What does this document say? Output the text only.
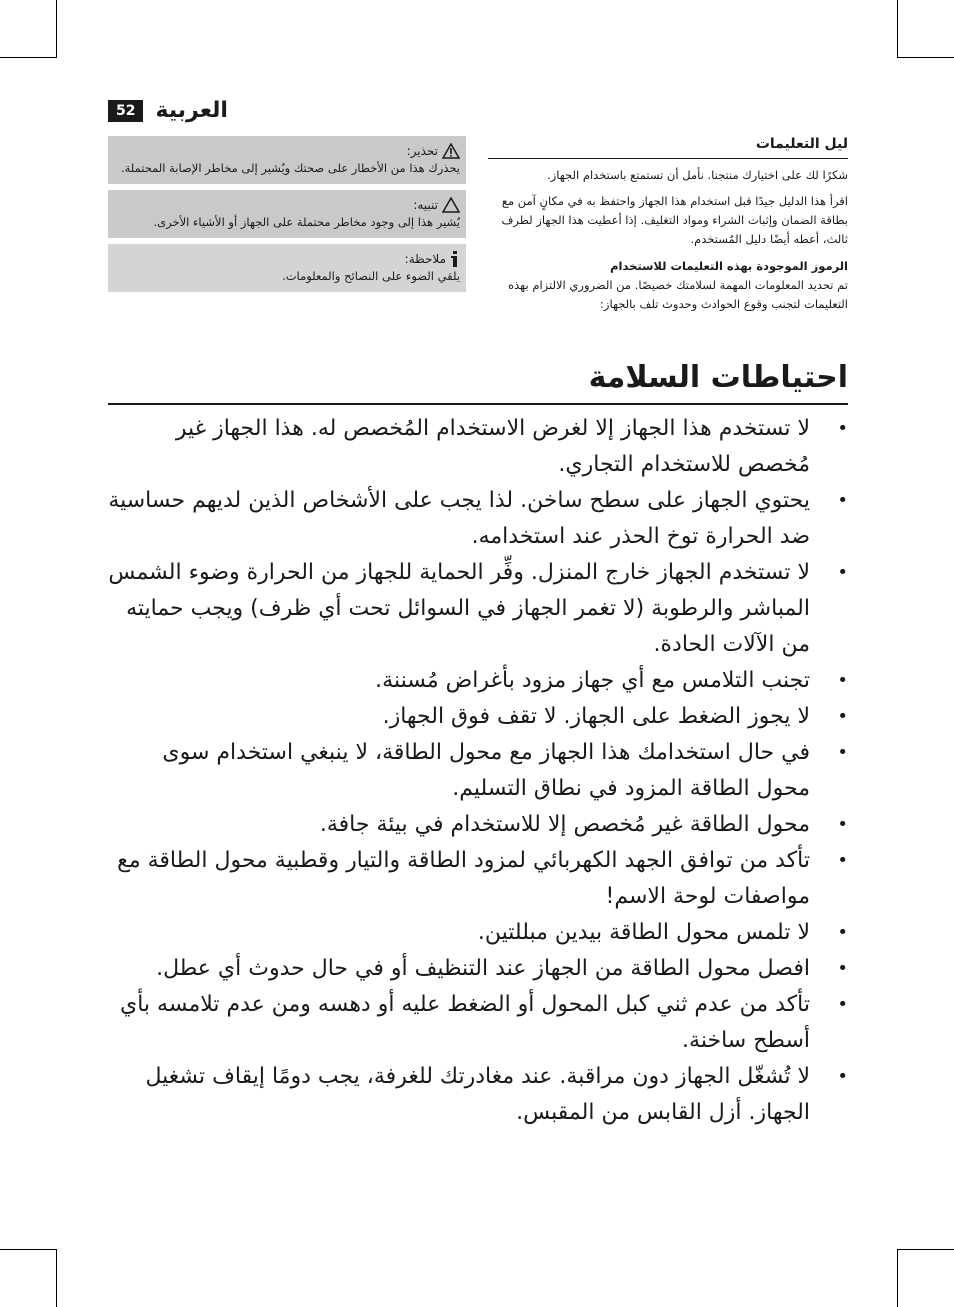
52 العربية
تحذير:
يحذرك هذا من الأخطار على صحتك ويُشير إلى مخاطر الإصابة المحتملة.
تنبيه:
يُشير هذا إلى وجود مخاطر محتملة على الجهاز أو الأشياء الأخرى.
ملاحظة:
يلقي الضوء على النصائح والمعلومات.
ليل التعليمات

شكرًا لك على اختيارك منتجنا. نأمل أن تستمتع باستخدام الجهاز.

اقرأ هذا الدليل جيدًا قبل استخدام هذا الجهاز واحتفظ به في مكانٍ آمن مع بطاقة الضمان وإثبات الشراء ومواد التغليف. إذا أعطيت هذا الجهاز لطرف ثالث، أعطه أيضًا دليل المُستخدم.

الرموز الموجودة بهذه التعليمات للاستخدام

تم تحديد المعلومات المهمة لسلامتك خصيصًا. من الضروري الالتزام بهذه التعليمات لتجنب وقوع الحوادث وحدوث تلف بالجهاز:

احتياطات السلامة
•
لا تستخدم هذا الجهاز إلا لغرض الاستخدام المُخصص له. هذا الجهاز غير مُخصص للاستخدام التجاري.
•
يحتوي الجهاز على سطح ساخن. لذا يجب على الأشخاص الذين لديهم حساسية ضد الحرارة توخ الحذر عند استخدامه.
•
لا تستخدم الجهاز خارج المنزل. وفِّر الحماية للجهاز من الحرارة وضوء الشمس المباشر والرطوبة (لا تغمر الجهاز في السوائل تحت أي ظرف) ويجب حمايته من الآلات الحادة.
•
تجنب التلامس مع أي جهاز مزود بأغراض مُسننة.
•
لا يجوز الضغط على الجهاز. لا تقف فوق الجهاز.
•
في حال استخدامك هذا الجهاز مع محول الطاقة، لا ينبغي استخدام سوى محول الطاقة المزود في نطاق التسليم.
•
محول الطاقة غير مُخصص إلا للاستخدام في بيئة جافة.
•
تأكد من توافق الجهد الكهربائي لمزود الطاقة والتيار وقطبية محول الطاقة مع مواصفات لوحة الاسم!
•
لا تلمس محول الطاقة بيدين مبللتين.
•
افصل محول الطاقة من الجهاز عند التنظيف أو في حال حدوث أي عطل.
•
تأكد من عدم ثني كبل المحول أو الضغط عليه أو دهسه ومن عدم تلامسه بأي أسطح ساخنة.
•
لا تُشغّل الجهاز دون مراقبة. عند مغادرتك للغرفة، يجب دومًا إيقاف تشغيل الجهاز. أزل القابس من المقبس.
